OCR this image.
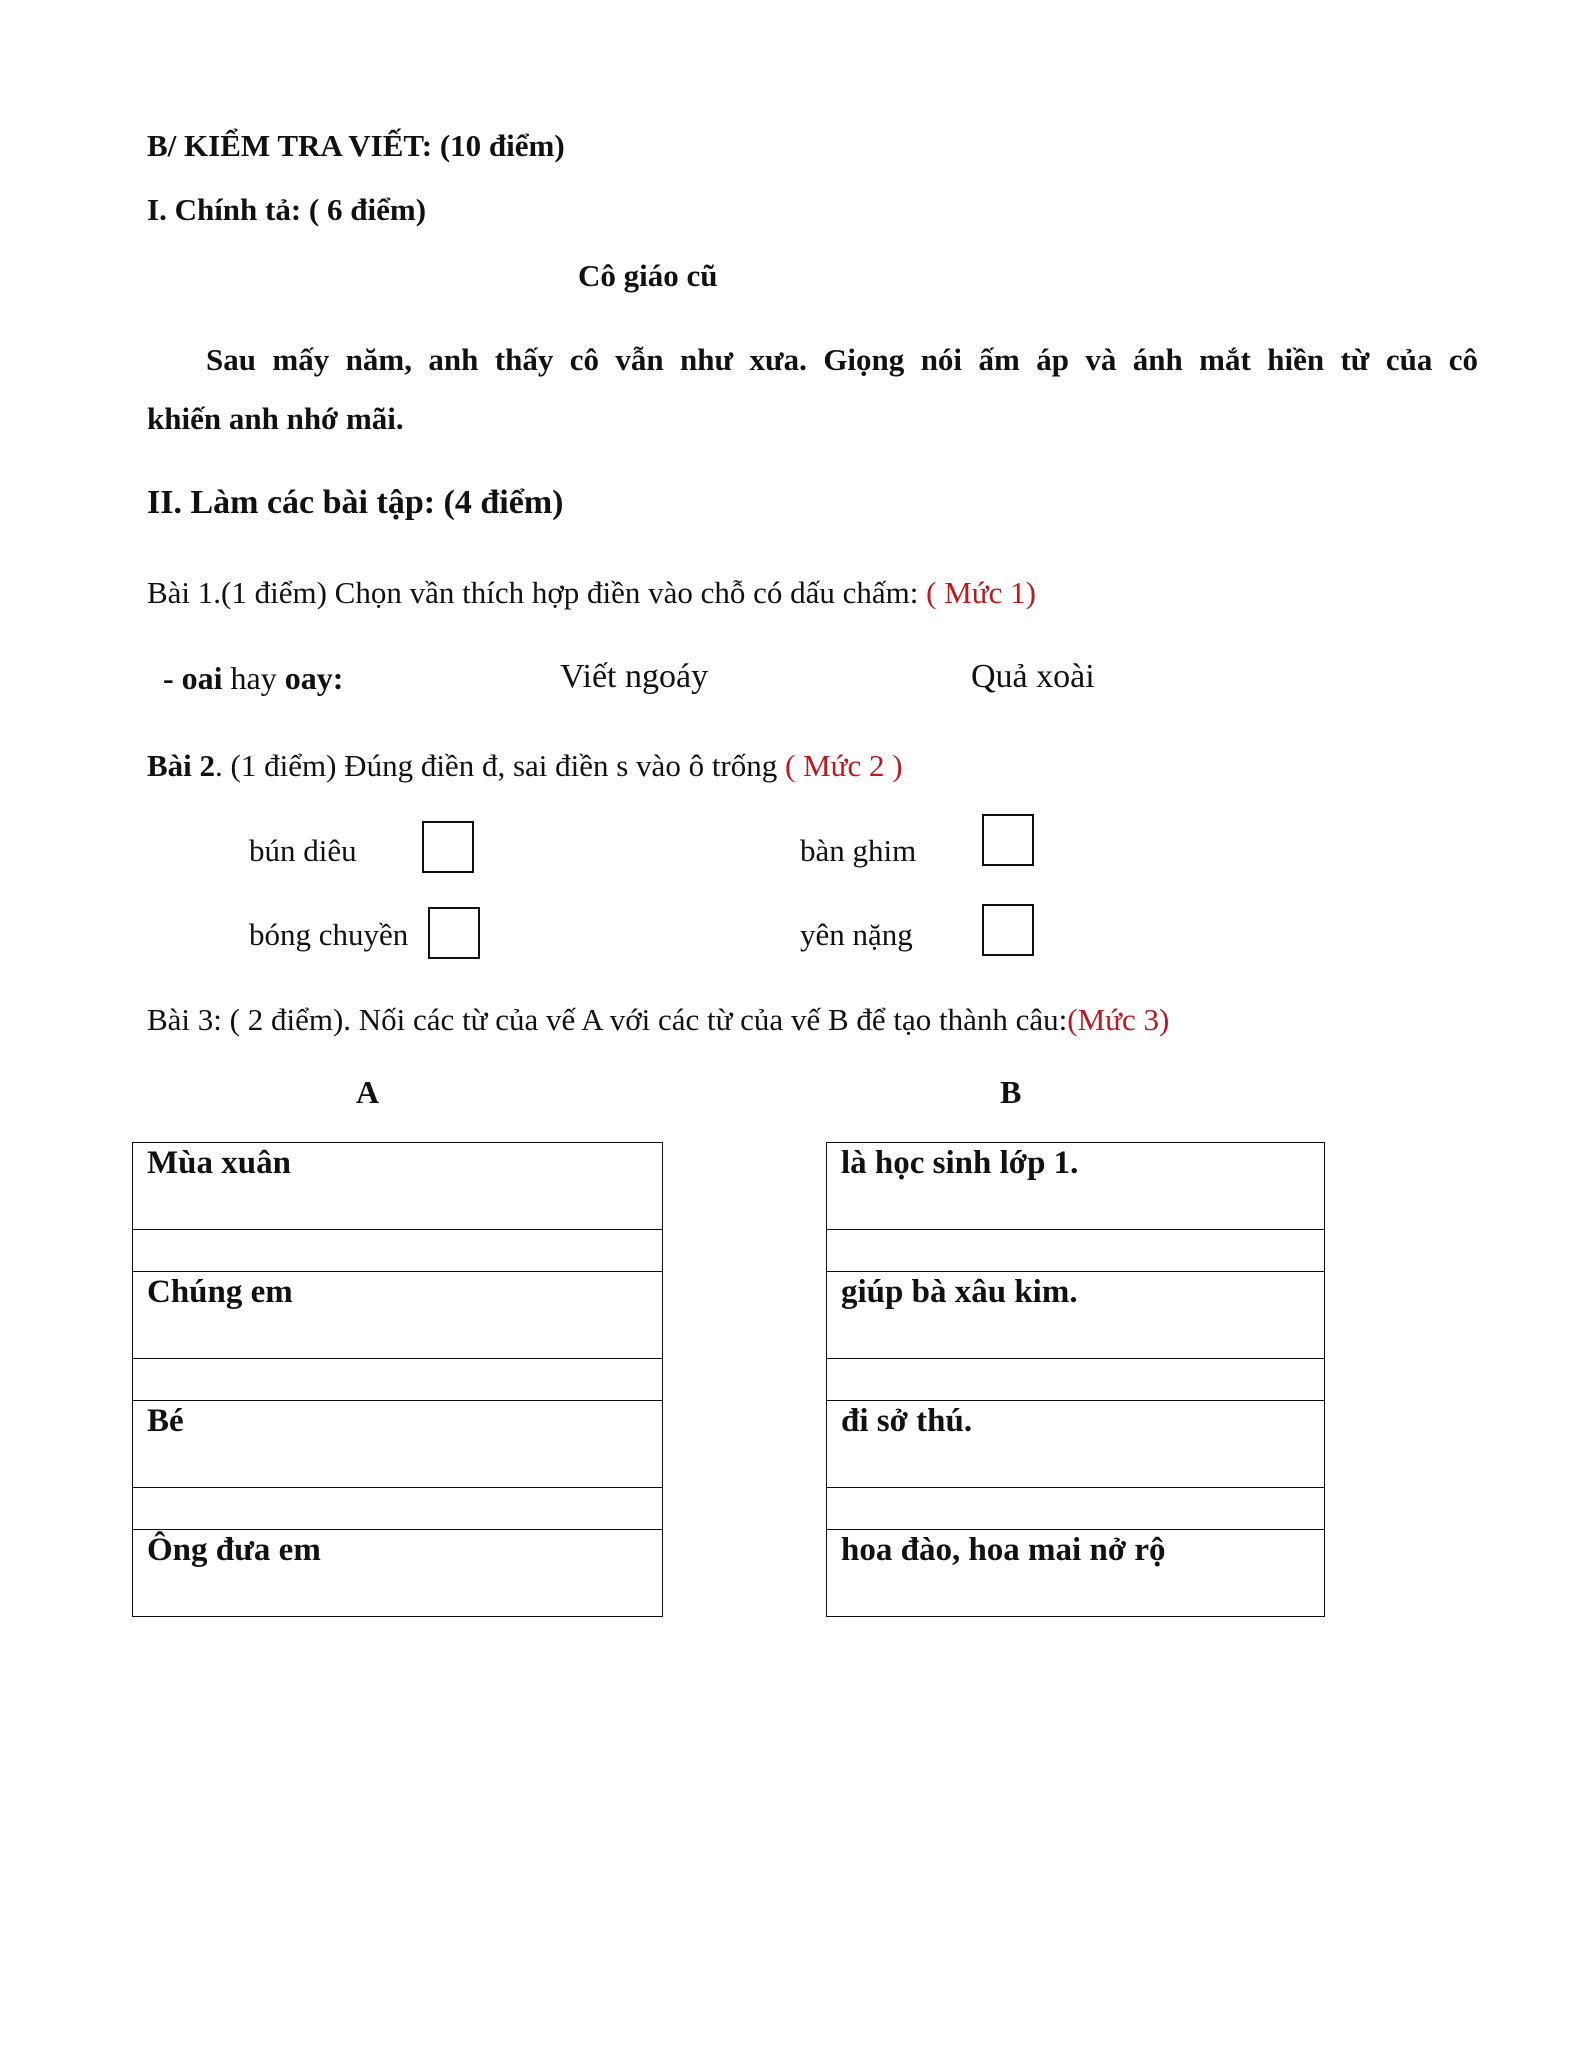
B/ KIỂM TRA VIẾT: (10 điểm)
I. Chính tả: ( 6 điểm)
Cô giáo cũ
Sau mấy năm, anh thấy cô vẫn như xưa. Giọng nói ấm áp và ánh mắt hiền từ của cô
khiến anh nhớ mãi.
II. Làm các bài tập: (4 điểm)
Bài 1.(1 điểm) Chọn vần thích hợp điền vào chỗ có dấu chấm: ( Mức 1)
- oai hay oay:	Viết ngoáy	Quả xoài
Bài 2. (1 điểm) Đúng điền đ, sai điền s vào ô trống ( Mức 2 )
bún diêu	bàn ghim
bóng chuyền	yên nặng
Bài 3: ( 2 điểm). Nối các từ của vế A với các từ của vế B để tạo thành câu:(Mức 3)
A	B
Mùa xuân
Chúng em
Bé
Ông đưa em
là học sinh lớp 1.
giúp bà xâu kim.
đi sở thú.
hoa đào, hoa mai nở rộ
